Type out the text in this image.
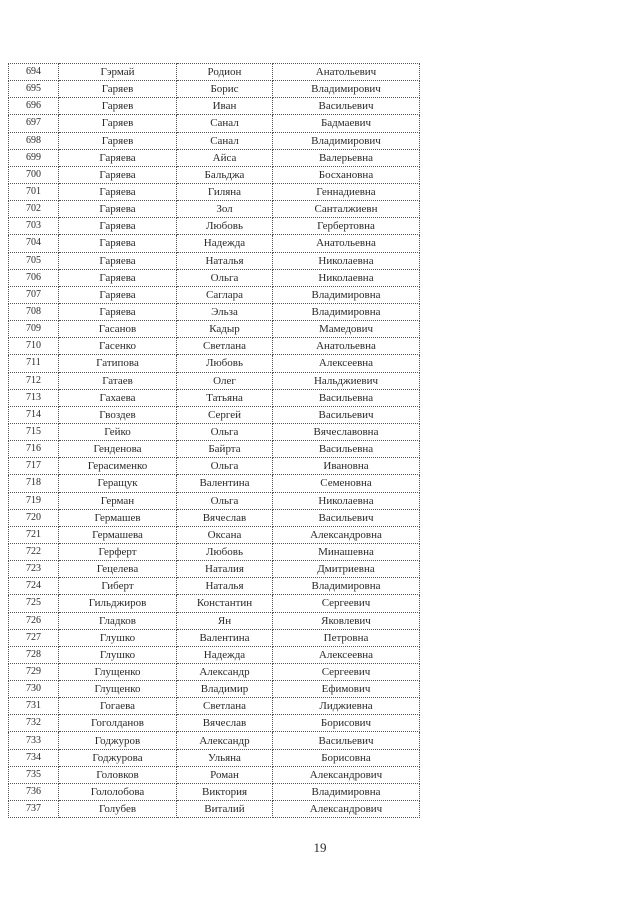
694	Гэрмай	Родион	Анатольевич
695	Гаряев	Борис	Владимирович
696	Гаряев	Иван	Васильевич
697	Гаряев	Санал	Бадмаевич
698	Гаряев	Санал	Владимирович
699	Гаряева	Айса	Валерьевна
700	Гаряева	Бальджа	Босхановна
701	Гаряева	Гиляна	Геннадиевна
702	Гаряева	Зол	Санталжиевн
703	Гаряева	Любовь	Гербертовна
704	Гаряева	Надежда	Анатольевна
705	Гаряева	Наталья	Николаевна
706	Гаряева	Ольга	Николаевна
707	Гаряева	Саглара	Владимировна
708	Гаряева	Эльза	Владимировна
709	Гасанов	Кадыр	Мамедович
710	Гасенко	Светлана	Анатольевна
711	Гатипова	Любовь	Алексеевна
712	Гатаев	Олег	Нальджиевич
713	Гахаева	Татьяна	Васильевна
714	Гвоздев	Сергей	Васильевич
715	Гейко	Ольга	Вячеславовна
716	Генденова	Байрта	Васильевна
717	Герасименко	Ольга	Ивановна
718	Геращук	Валентина	Семеновна
719	Герман	Ольга	Николаевна
720	Гермашев	Вячеслав	Васильевич
721	Гермашева	Оксана	Александровна
722	Герферт	Любовь	Минашевна
723	Гецелева	Наталия	Дмитриевна
724	Гиберт	Наталья	Владимировна
725	Гильджиров	Константин	Сергеевич
726	Гладков	Ян	Яковлевич
727	Глушко	Валентина	Петровна
728	Глушко	Надежда	Алексеевна
729	Глущенко	Александр	Сергеевич
730	Глущенко	Владимир	Ефимович
731	Гогаева	Светлана	Лиджиевна
732	Гоголданов	Вячеслав	Борисович
733	Годжуров	Александр	Васильевич
734	Годжурова	Ульяна	Борисовна
735	Головков	Роман	Александрович
736	Гололобова	Виктория	Владимировна
737	Голубев	Виталий	Александрович
19
